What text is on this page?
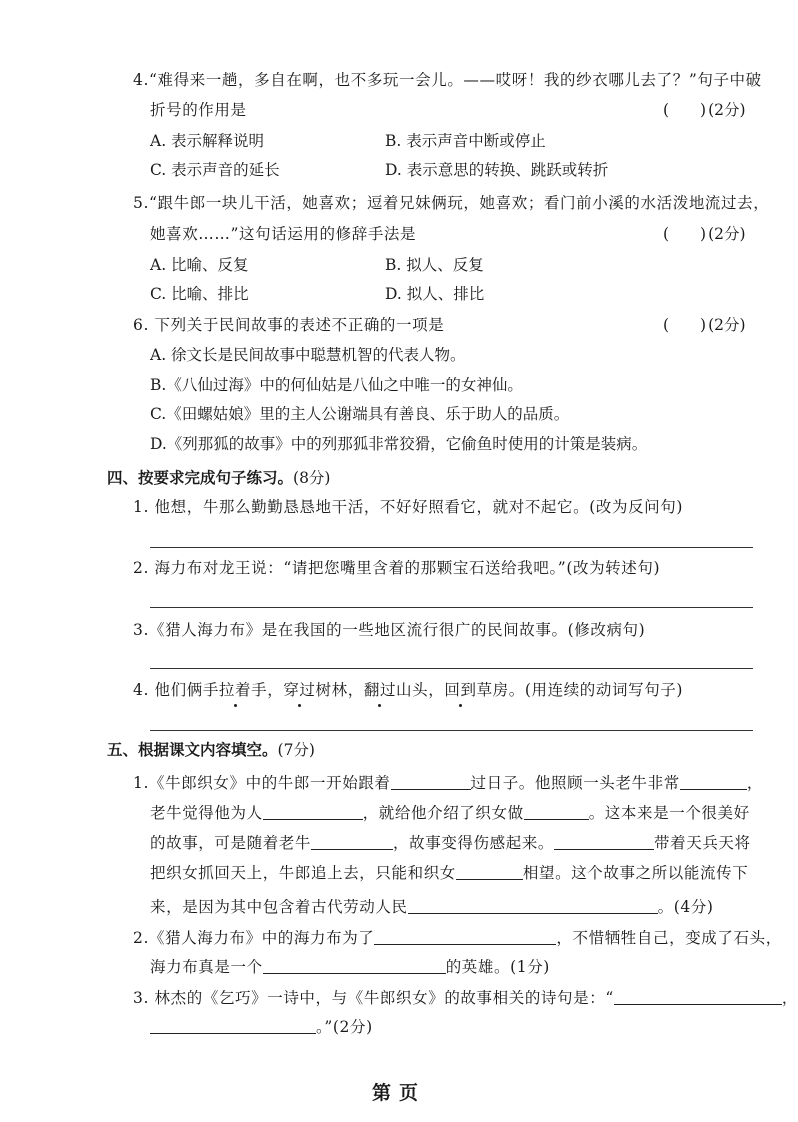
4.“难得来一趟，多自在啊，也不多玩一会儿。——哎呀！我的纱衣哪儿去了？”句子中破
折号的作用是	(　　) (2分)
A. 表示解释说明	B. 表示声音中断或停止
C. 表示声音的延长	D. 表示意思的转换、跳跃或转折
5.“跟牛郎一块儿干活，她喜欢；逗着兄妹俩玩，她喜欢；看门前小溪的水活泼地流过去，
她喜欢……”这句话运用的修辞手法是	(　　) (2分)
A. 比喻、反复	B. 拟人、反复
C. 比喻、排比	D. 拟人、排比
6. 下列关于民间故事的表述不正确的一项是	(　　) (2分)
A. 徐文长是民间故事中聪慧机智的代表人物。
B.《八仙过海》中的何仙姑是八仙之中唯一的女神仙。
C.《田螺姑娘》里的主人公谢端具有善良、乐于助人的品质。
D.《列那狐的故事》中的列那狐非常狡猾，它偷鱼时使用的计策是装病。
四、按要求完成句子练习。(8分)
1. 他想，牛那么勤勤恳恳地干活，不好好照看它，就对不起它。(改为反问句)
2. 海力布对龙王说：“请把您嘴里含着的那颗宝石送给我吧。”(改为转述句)
3.《猎人海力布》是在我国的一些地区流行很广的民间故事。(修改病句)
4. 他们俩手拉着手，穿过树林，翻过山头，回到草房。(用连续的动词写句子)
五、根据课文内容填空。(7分)
1.《牛郎织女》中的牛郎一开始跟着	过日子。他照顾一头老牛非常	，
老牛觉得他为人	，就给他介绍了织女做	。这本来是一个很美好
的故事，可是随着老牛	，故事变得伤感起来。	带着天兵天将
把织女抓回天上，牛郎追上去，只能和织女	相望。这个故事之所以能流传下
来，是因为其中包含着古代劳动人民	。(4分)
2.《猎人海力布》中的海力布为了	，不惜牺牲自己，变成了石头，
海力布真是一个	的英雄。(1分)
3. 林杰的《乞巧》一诗中，与《牛郎织女》的故事相关的诗句是：“	，
。”(2分)
第页
